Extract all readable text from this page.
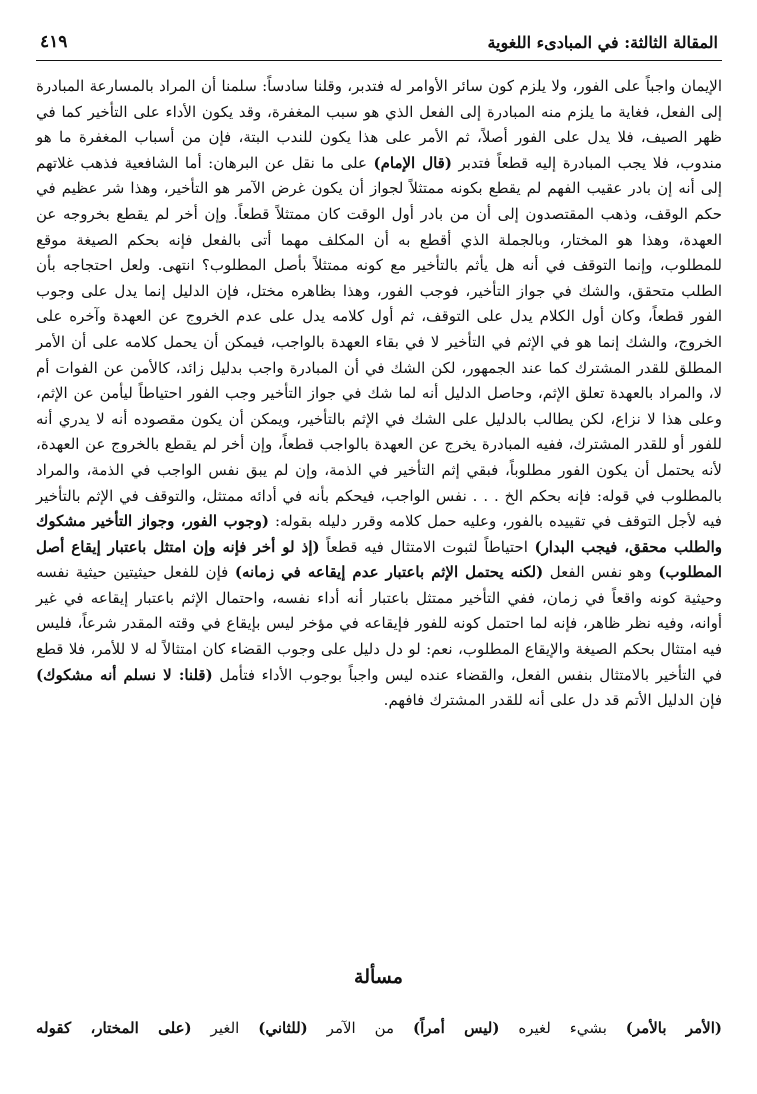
المقالة الثالثة: في المبادىء اللغوية
٤١٩

الإيمان واجباً على الفور، ولا يلزم كون سائر الأوامر له فتدبر، وقلنا سادساً: سلمنا أن المراد بالمسارعة المبادرة إلى الفعل، فغاية ما يلزم منه المبادرة إلى الفعل الذي هو سبب المغفرة، وقد يكون الأداء على التأخير كما في ظهر الصيف، فلا يدل على الفور أصلاً، ثم الأمر على هذا يكون للندب البتة، فإن من أسباب المغفرة ما هو مندوب، فلا يجب المبادرة إليه قطعاً فتدبر (قال الإمام) على ما نقل عن البرهان: أما الشافعية فذهب غلاتهم إلى أنه إن بادر عقيب الفهم لم يقطع بكونه ممتثلاً لجواز أن يكون غرض الآمر هو التأخير، وهذا شر عظيم في حكم الوقف، وذهب المقتصدون إلى أن من بادر أول الوقت كان ممتثلاً قطعاً. وإن أخر لم يقطع بخروجه عن العهدة، وهذا هو المختار، وبالجملة الذي أقطع به أن المكلف مهما أتى بالفعل فإنه بحكم الصيغة موقع للمطلوب، وإنما التوقف في أنه هل يأثم بالتأخير مع كونه ممتثلاً بأصل المطلوب؟ انتهى. ولعل احتجاجه بأن الطلب متحقق، والشك في جواز التأخير، فوجب الفور، وهذا بظاهره مختل، فإن الدليل إنما يدل على وجوب الفور قطعاً، وكان أول الكلام يدل على التوقف، ثم أول كلامه يدل على عدم الخروج عن العهدة وآخره على الخروج، والشك إنما هو في الإثم في التأخير لا في بقاء العهدة بالواجب، فيمكن أن يحمل كلامه على أن الأمر المطلق للقدر المشترك كما عند الجمهور، لكن الشك في أن المبادرة واجب بدليل زائد، كالأمن عن الفوات أم لا، والمراد بالعهدة تعلق الإثم، وحاصل الدليل أنه لما شك في جواز التأخير وجب الفور احتياطاً ليأمن عن الإثم، وعلى هذا لا نزاع، لكن يطالب بالدليل على الشك في الإثم بالتأخير، ويمكن أن يكون مقصوده أنه لا يدري أنه للفور أو للقدر المشترك، ففيه المبادرة يخرج عن العهدة بالواجب قطعاً، وإن أخر لم يقطع بالخروج عن العهدة، لأنه يحتمل أن يكون الفور مطلوباً، فبقي إثم التأخير في الذمة، وإن لم يبق نفس الواجب في الذمة، والمراد بالمطلوب في قوله: فإنه بحكم الخ . . . نفس الواجب، فيحكم بأنه في أدائه ممتثل، والتوقف في الإثم بالتأخير فيه لأجل التوقف في تقييده بالفور، وعليه حمل كلامه وقرر دليله بقوله: (وجوب الفور، وجواز التأخير مشكوك والطلب محقق، فيجب البدار) احتياطاً لثبوت الامتثال فيه قطعاً (إذ لو أخر فإنه وإن امتثل باعتبار إيقاع أصل المطلوب) وهو نفس الفعل (لكنه يحتمل الإثم باعتبار عدم إيقاعه في زمانه) فإن للفعل حيثيتين حيثية نفسه وحيثية كونه واقعاً في زمان، ففي التأخير ممتثل باعتبار أنه أداء نفسه، واحتمال الإثم باعتبار إيقاعه في غير أوانه، وفيه نظر ظاهر، فإنه لما احتمل كونه للفور فإيقاعه في مؤخر ليس بإيقاع في وقته المقدر شرعاً، فليس فيه امتثال بحكم الصيغة والإيقاع المطلوب، نعم: لو دل دليل على وجوب القضاء كان امتثالاً له لا للأمر، فلا قطع في التأخير بالامتثال بنفس الفعل، والقضاء عنده ليس واجباً بوجوب الأداء فتأمل (قلنا: لا نسلم أنه مشكوك) فإن الدليل الأتم قد دل على أنه للقدر المشترك فافهم.

مسألة
(الأمر بالأمر) بشيء لغيره (ليس أمراً) من الآمر (للثاني) الغير (على المختار، كقوله
